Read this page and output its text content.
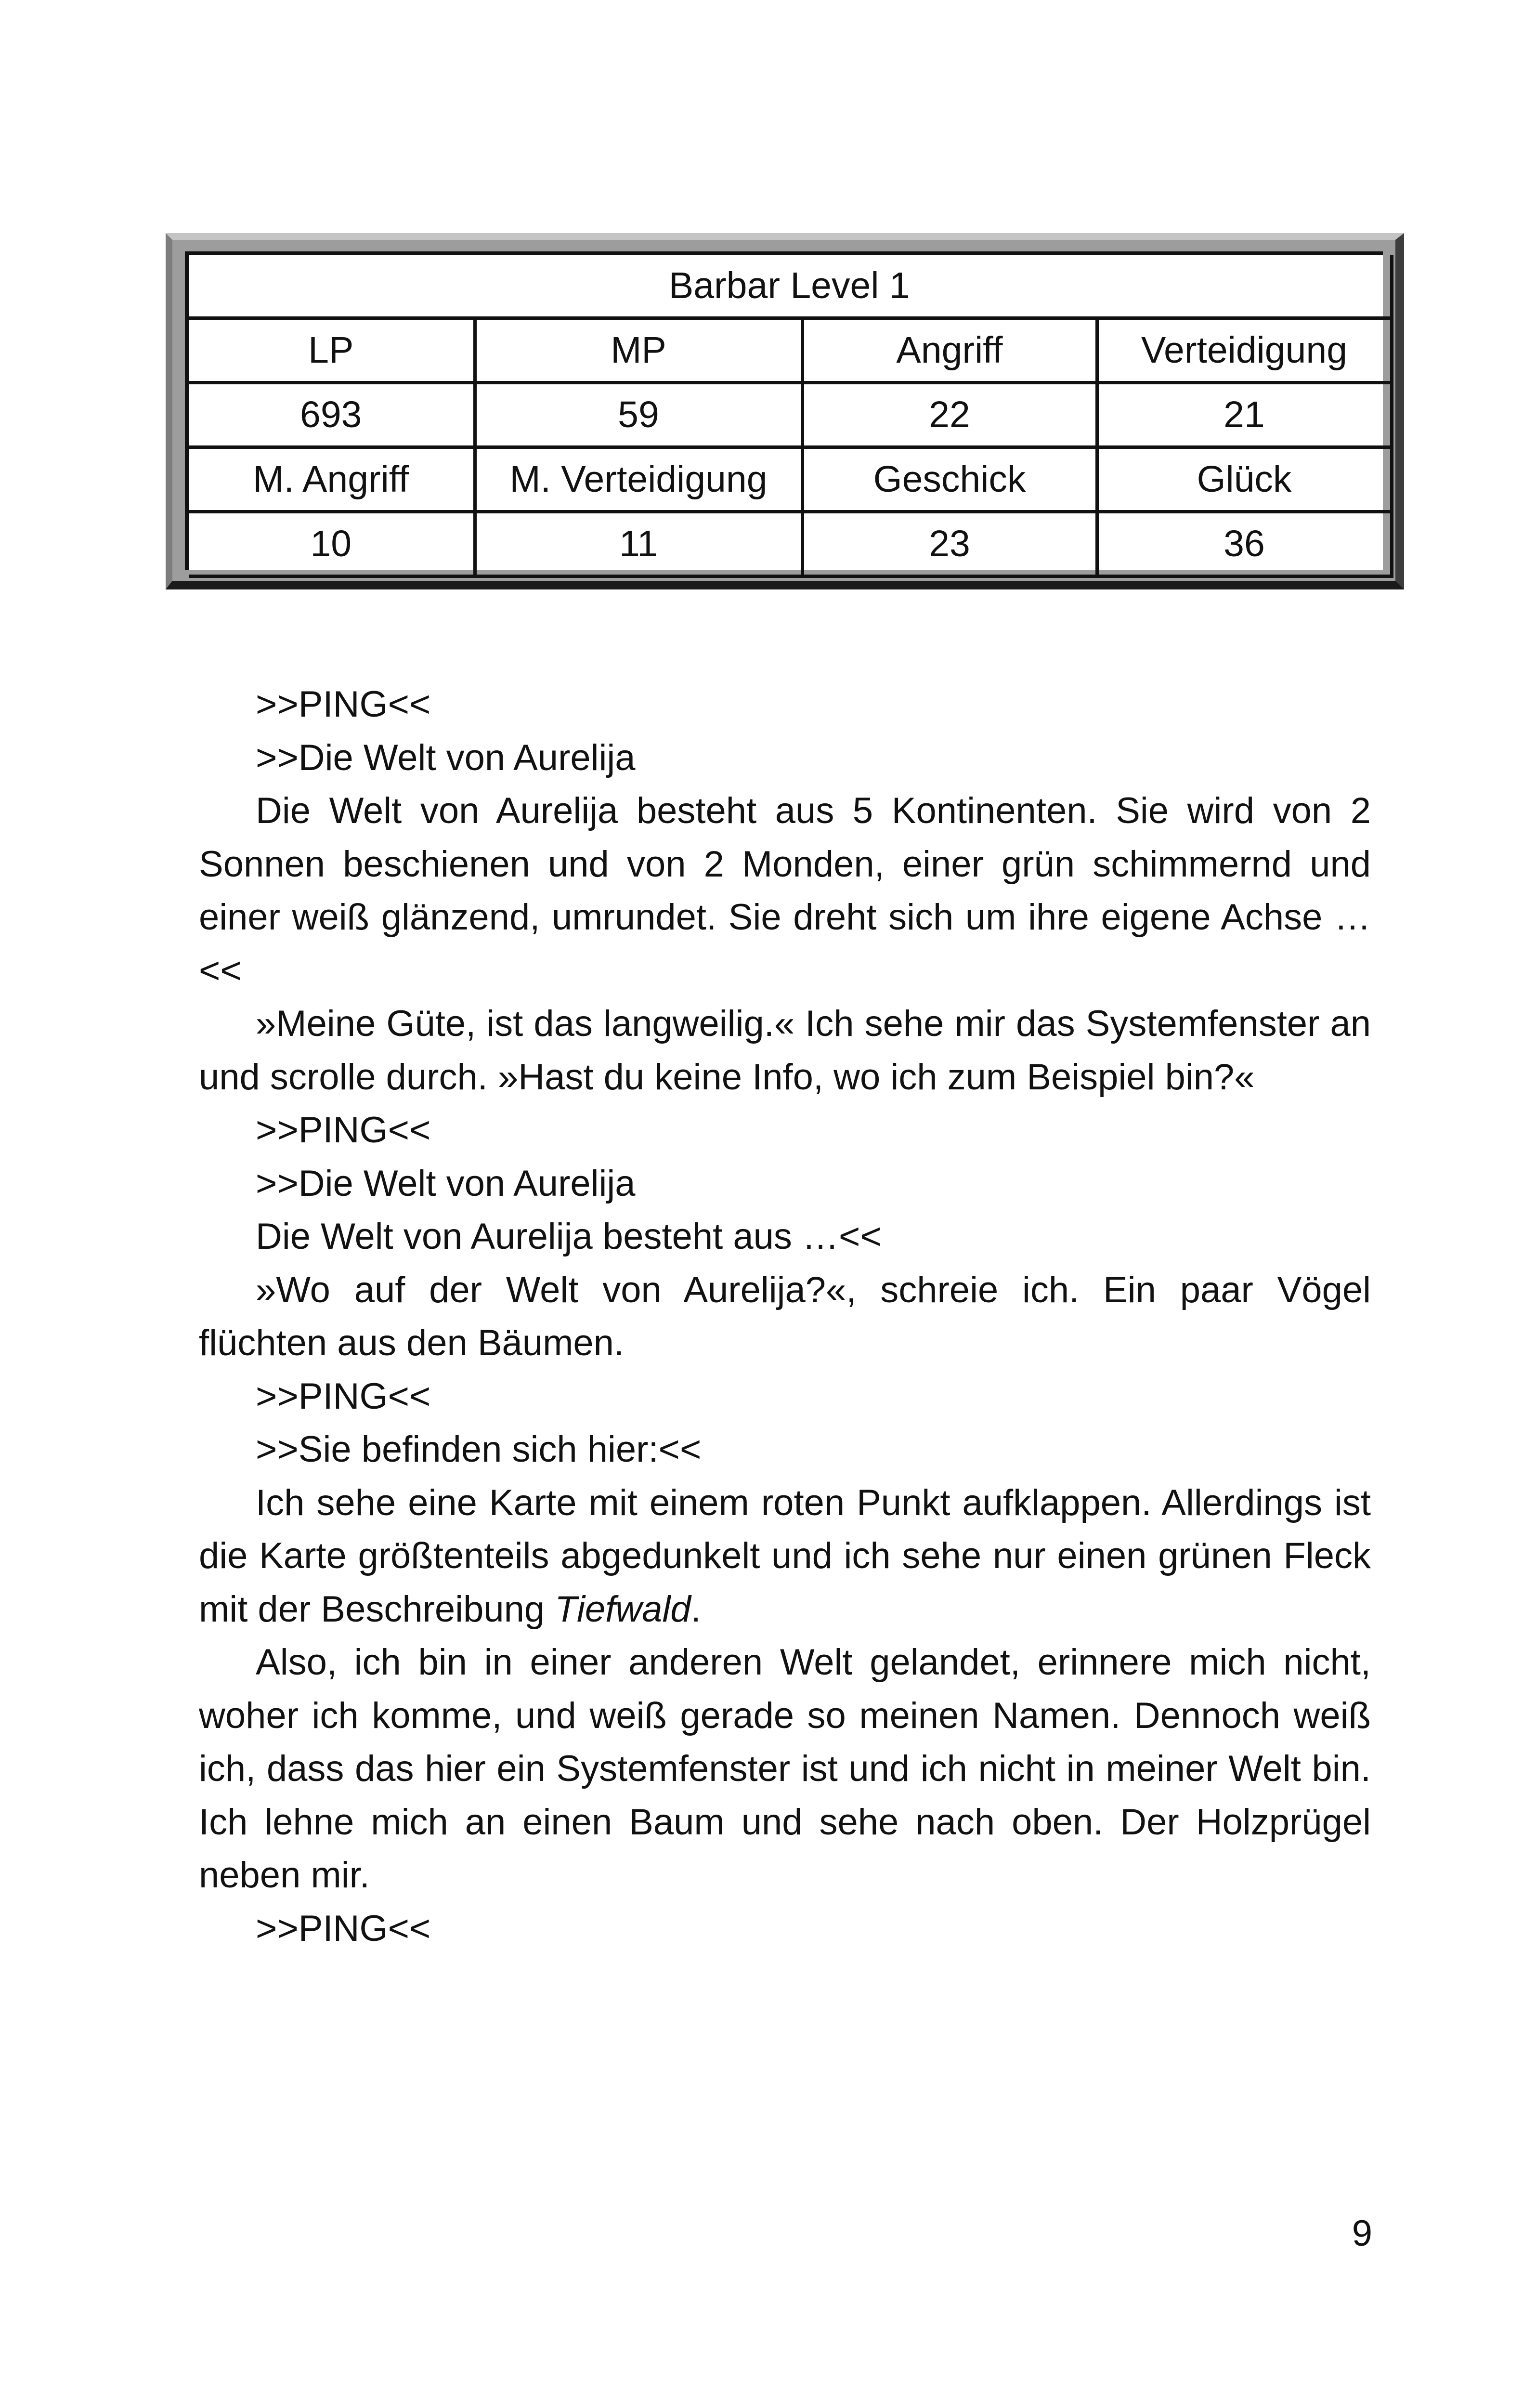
Barbar Level 1			
LP	MP	Angriff	Verteidigung
693	59	22	21
M. Angriff	M. Verteidigung	Geschick	Glück
10	11	23	36

>>PING<<

>>Die Welt von Aurelija

Die Welt von Aurelija besteht aus 5 Kontinenten. Sie wird von 2 Sonnen beschienen und von 2 Monden, einer grün schimmernd und einer weiß glänzend, umrundet. Sie dreht sich um ihre eigene Achse …<<

»Meine Güte, ist das langweilig.« Ich sehe mir das Systemfenster an und scrolle durch. »Hast du keine Info, wo ich zum Beispiel bin?«

>>PING<<

>>Die Welt von Aurelija

Die Welt von Aurelija besteht aus …<<

»Wo auf der Welt von Aurelija?«, schreie ich. Ein paar Vögel flüchten aus den Bäumen.

>>PING<<

>>Sie befinden sich hier:<<

Ich sehe eine Karte mit einem roten Punkt aufklappen. Allerdings ist die Karte größtenteils abgedunkelt und ich sehe nur einen grünen Fleck mit der Beschreibung Tiefwald.

Also, ich bin in einer anderen Welt gelandet, erinnere mich nicht, woher ich komme, und weiß gerade so meinen Namen. Dennoch weiß ich, dass das hier ein Systemfenster ist und ich nicht in meiner Welt bin. Ich lehne mich an einen Baum und sehe nach oben. Der Holzprügel neben mir.

>>PING<<

9
